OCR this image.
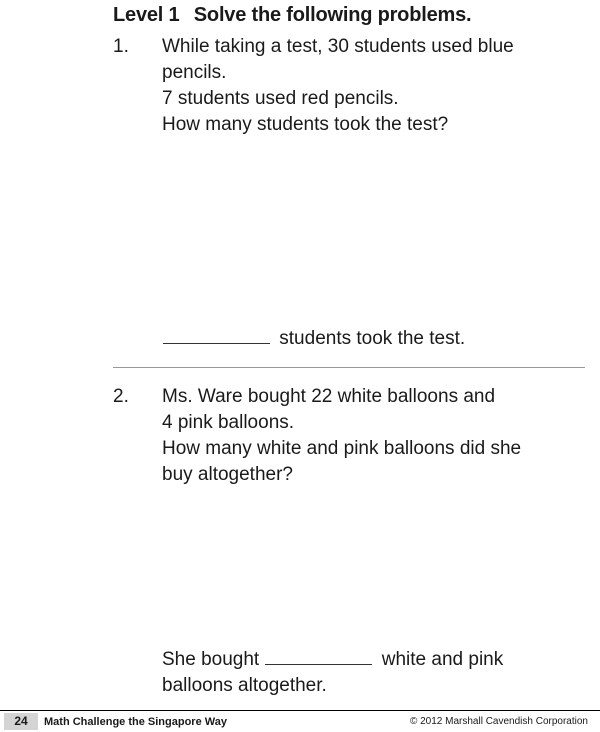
Level 1 Solve the following problems.
1. While taking a test, 30 students used blue
pencils.
7 students used red pencils.
How many students took the test?
students took the test.
2. Ms. Ware bought 22 white balloons and
4 pink balloons.
How many white and pink balloons did she
buy altogether?
She bought	white and pink
balloons altogether.
24	Math Challenge the Singapore Way	© 2012 Marshall Cavendish Corporation
